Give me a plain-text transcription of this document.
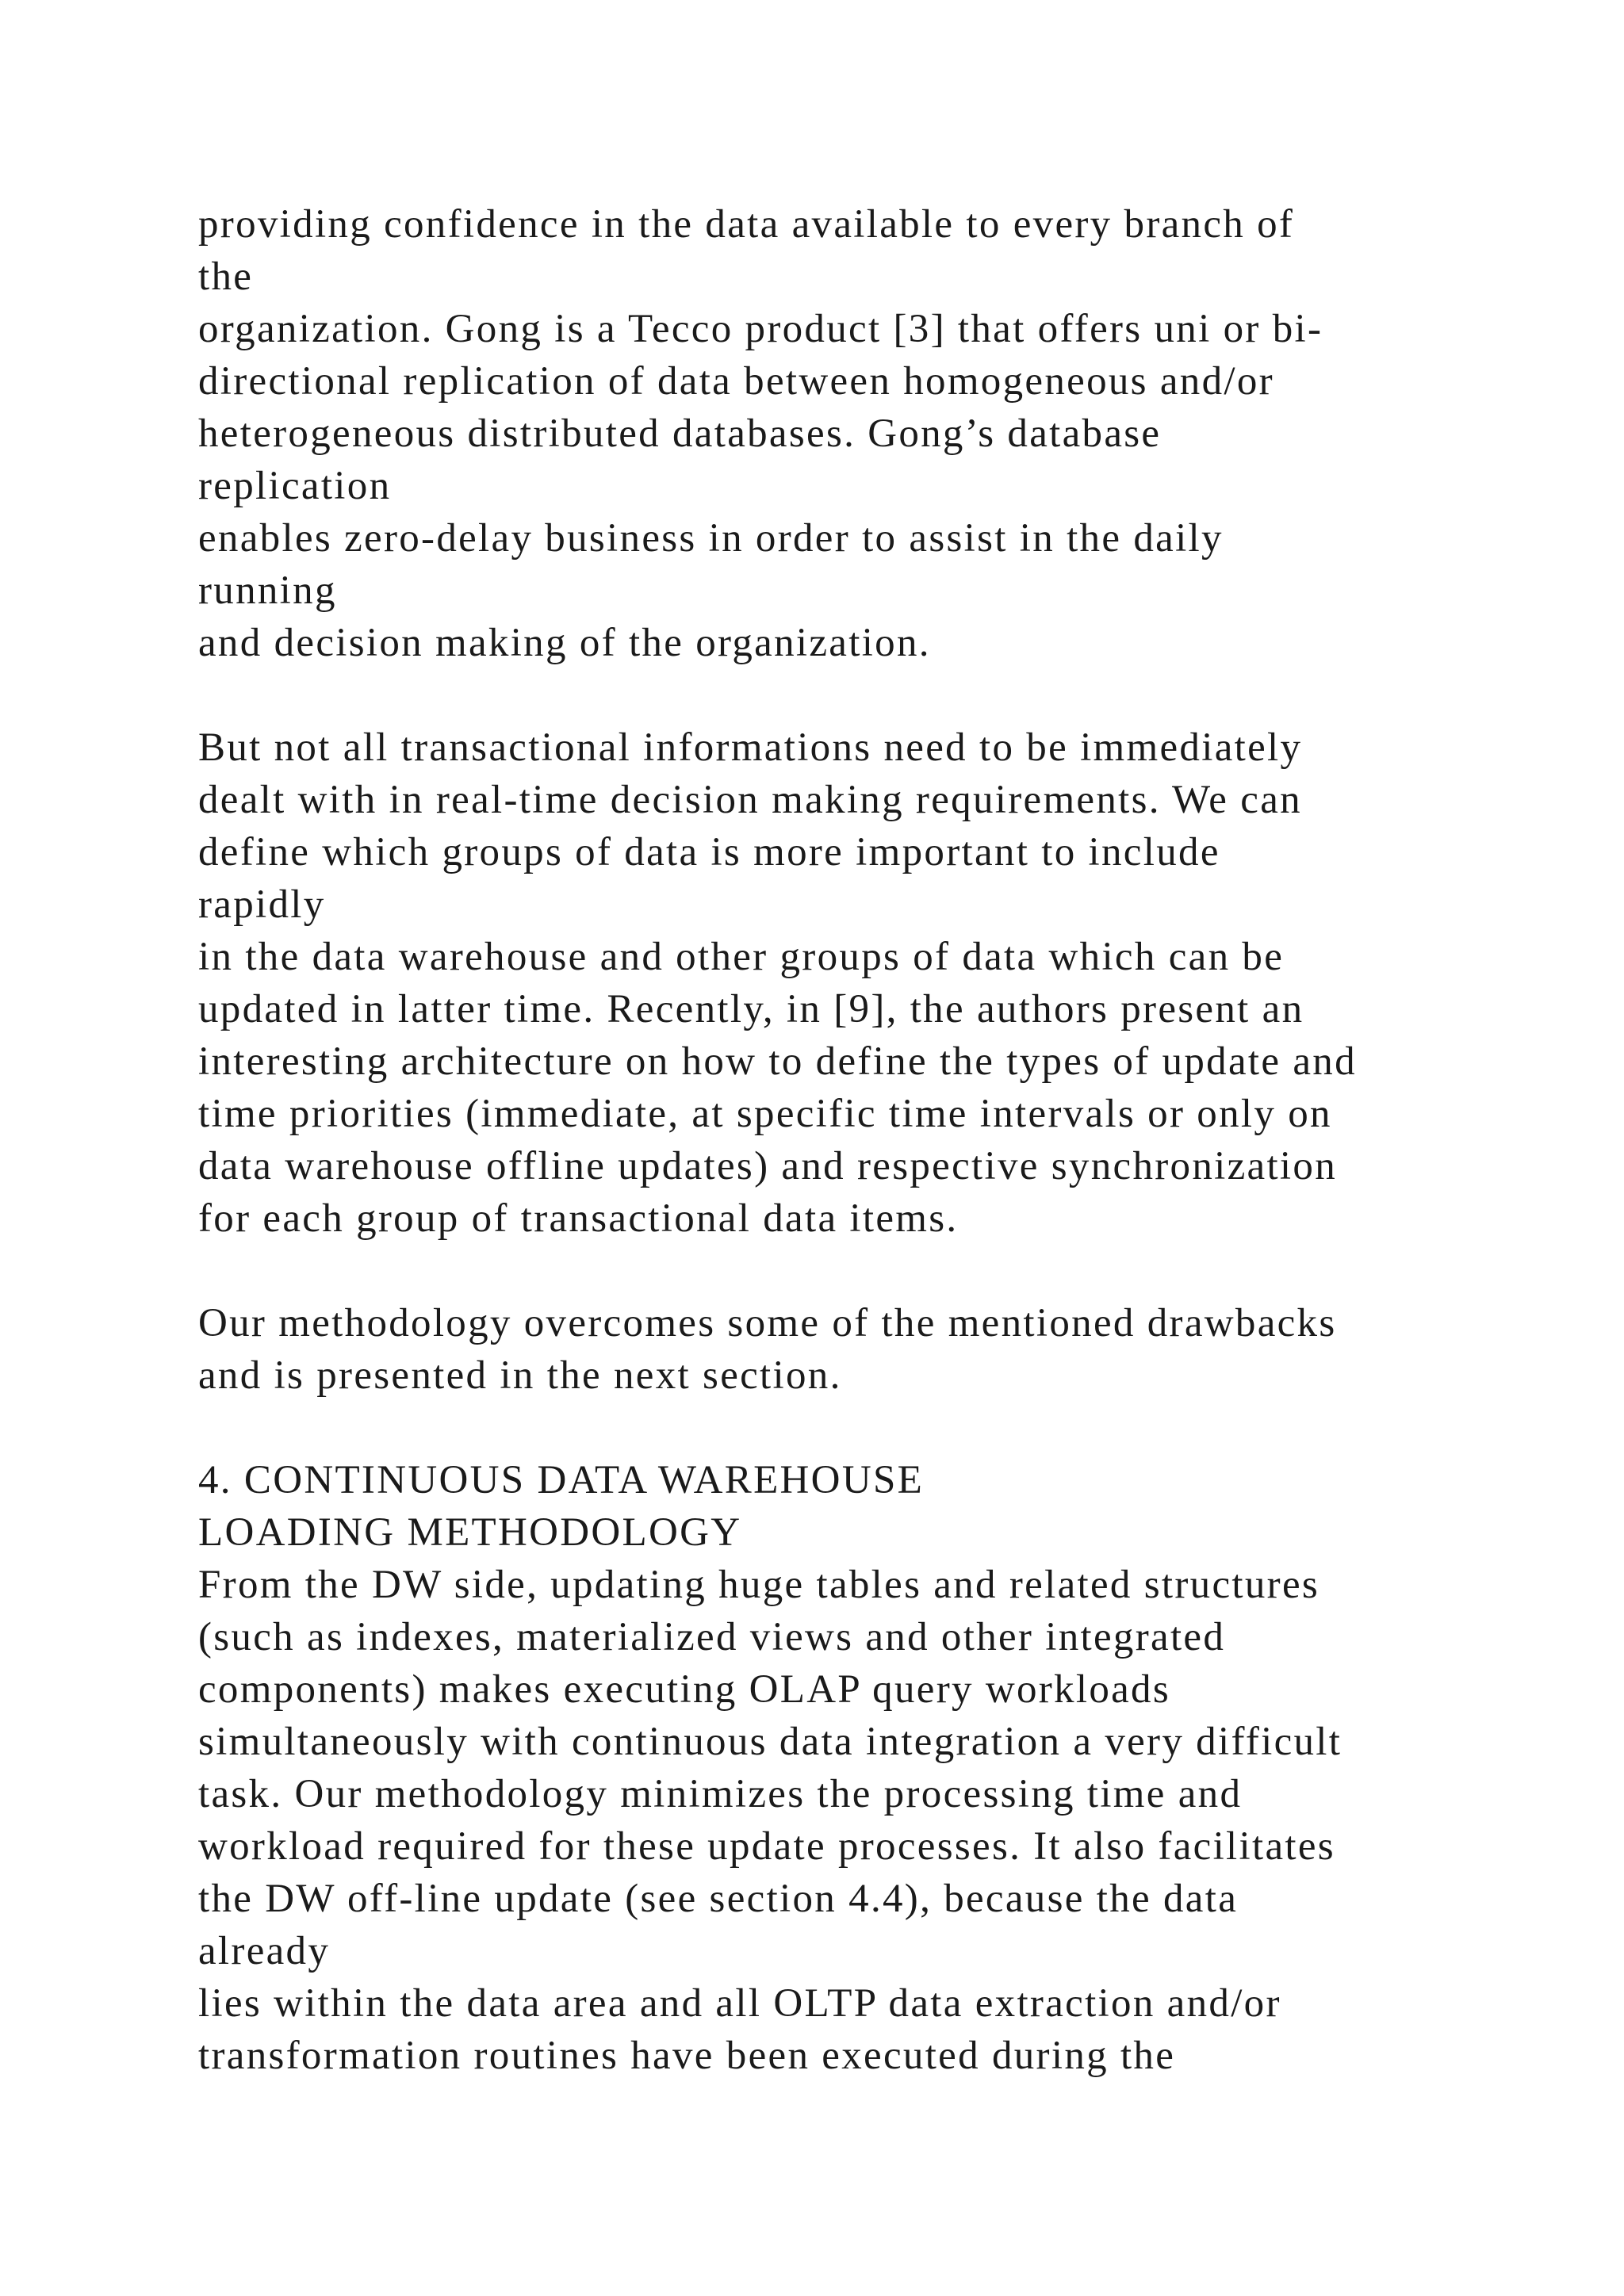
providing confidence in the data available to every branch of
the
organization. Gong is a Tecco product [3] that offers uni or bi-
directional replication of data between homogeneous and/or
heterogeneous distributed databases. Gong’s database
replication
enables zero-delay business in order to assist in the daily
running
and decision making of the organization.
But not all transactional informations need to be immediately
dealt with in real-time decision making requirements. We can
define which groups of data is more important to include
rapidly
in the data warehouse and other groups of data which can be
updated in latter time. Recently, in [9], the authors present an
interesting architecture on how to define the types of update and
time priorities (immediate, at specific time intervals or only on
data warehouse offline updates) and respective synchronization
for each group of transactional data items.
Our methodology overcomes some of the mentioned drawbacks
and is presented in the next section.
4. CONTINUOUS DATA WAREHOUSE
LOADING METHODOLOGY
From the DW side, updating huge tables and related structures
(such as indexes, materialized views and other integrated
components) makes executing OLAP query workloads
simultaneously with continuous data integration a very difficult
task. Our methodology minimizes the processing time and
workload required for these update processes. It also facilitates
the DW off-line update (see section 4.4), because the data
already
lies within the data area and all OLTP data extraction and/or
transformation routines have been executed during the
